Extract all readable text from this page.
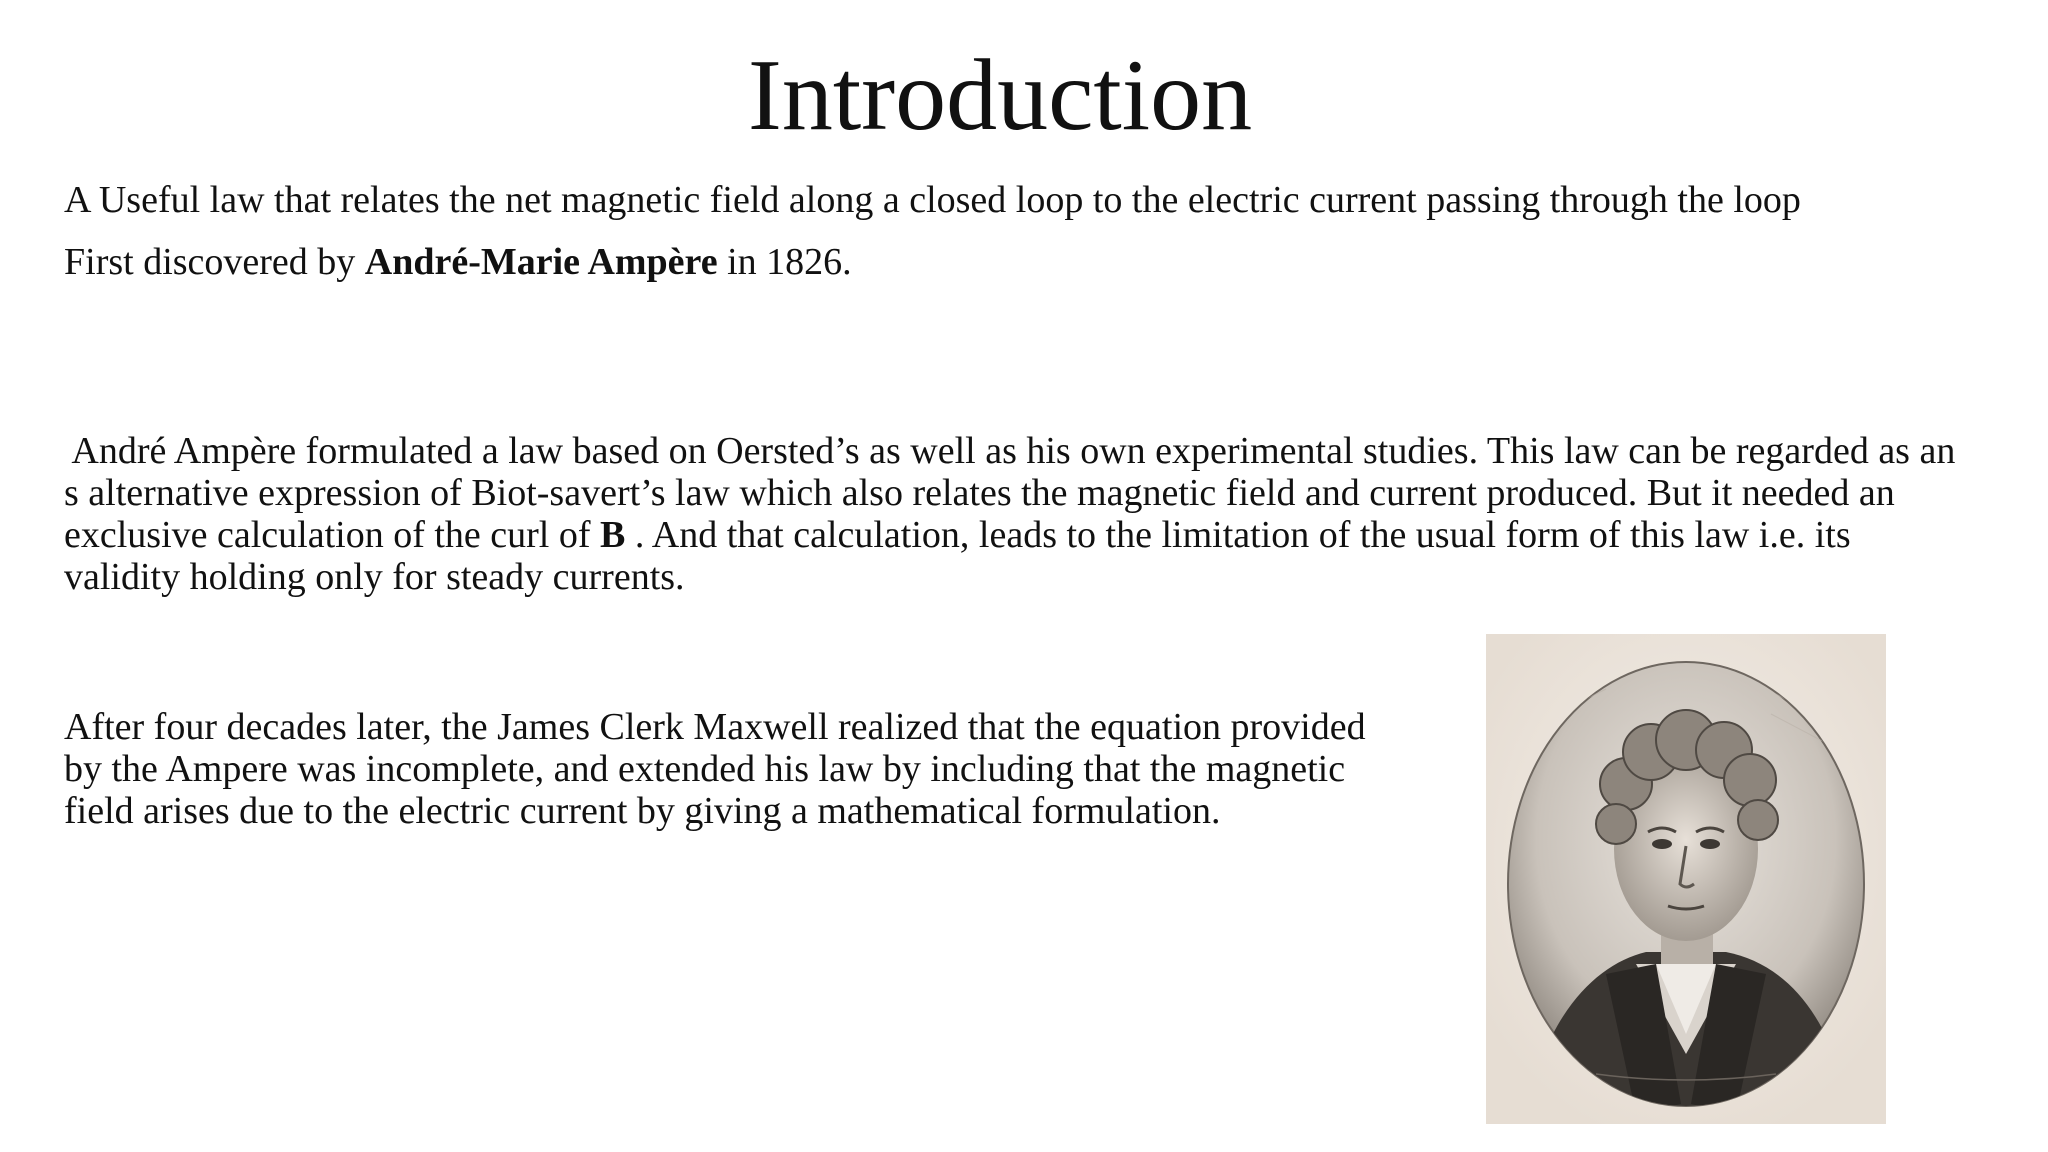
Introduction

A Useful law that relates the net magnetic field along a closed loop to the electric current passing through the loop

First discovered by André-Marie Ampère in 1826.

André Ampère formulated a law based on Oersted’s as well as his own experimental studies. This law can be regarded as an
s alternative expression of Biot-savert’s law which also relates the magnetic field and current produced. But it needed an
exclusive calculation of the curl of B . And that calculation, leads to the limitation of the usual form of this law i.e. its
validity holding only for steady currents.

After four decades later, the James Clerk Maxwell realized that the equation provided
by the Ampere was incomplete, and extended his law by including that the magnetic
field arises due to the electric current by giving a mathematical formulation.
